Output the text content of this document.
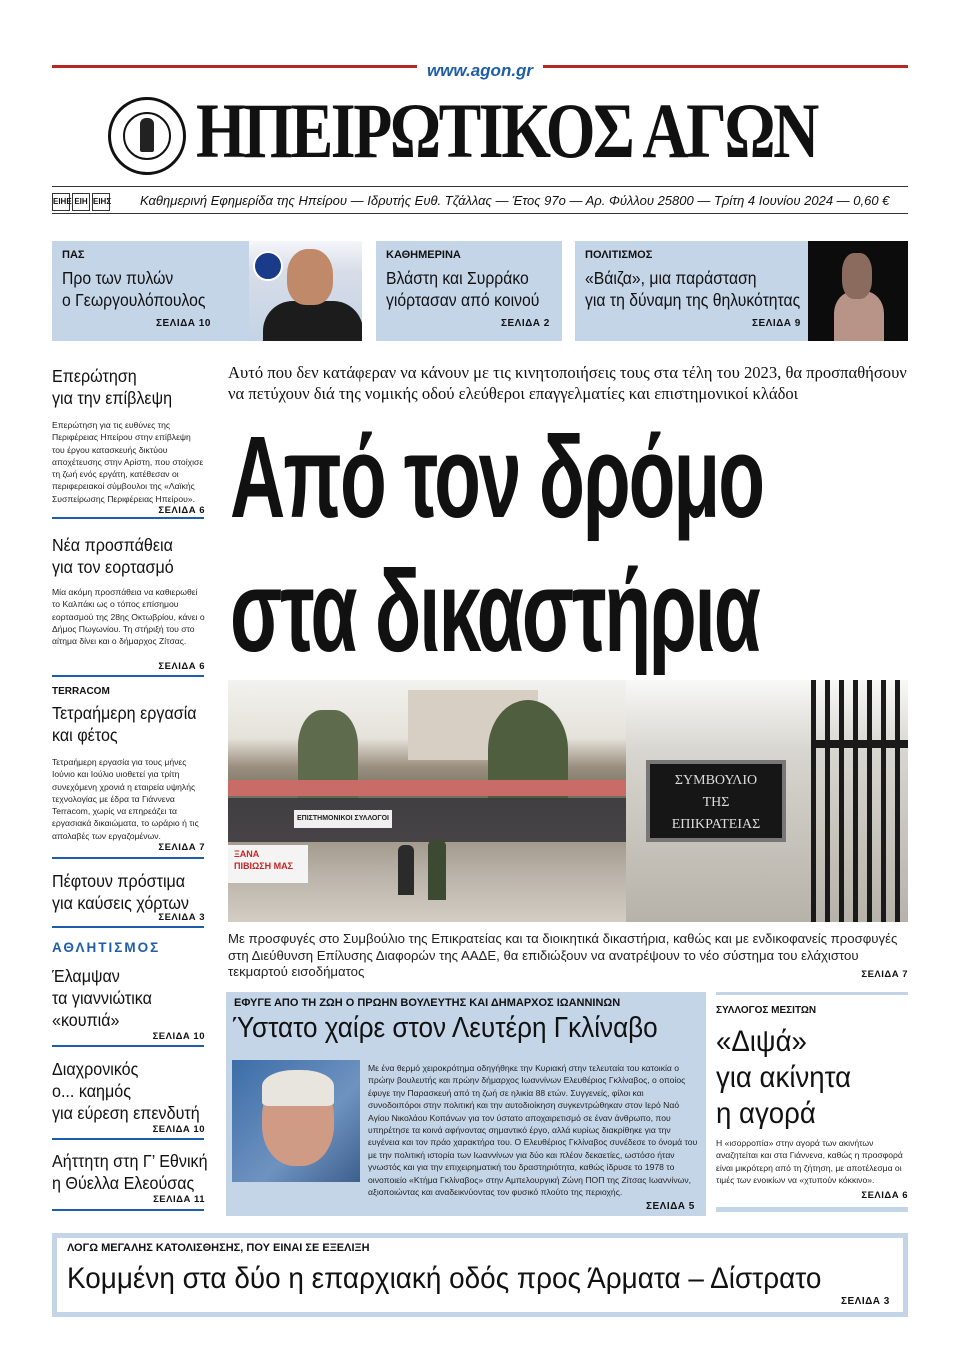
www.agon.gr
ΗΠΕΙΡΩΤΙΚΟΣ ΑΓΩΝ
ΕΙΗΕ ΕΙΗ ΕΙΗΣ Καθημερινή Εφημερίδα της Ηπείρου — Ιδρυτής Ευθ. Τζάλλας — Έτος 97ο — Αρ. Φύλλου 25800 — Τρίτη 4 Ιουνίου 2024 — 0,60 €
ΠΑΣ
Προ των πυλών
ο Γεωργουλόπουλος
ΣΕΛΙΔΑ 10
ΚΑΘΗΜΕΡΙΝΑ
Βλάστη και Συρράκο
γιόρτασαν από κοινού
ΣΕΛΙΔΑ 2
ΠΟΛΙΤΙΣΜΟΣ
«Βάιζα», μια παράσταση
για τη δύναμη της θηλυκότητας
ΣΕΛΙΔΑ 9
Επερώτηση
για την επίβλεψη
Επερώτηση για τις ευθύνες της Περιφέρειας Ηπείρου στην επίβλεψη του έργου κατασκευής δικτύου αποχέτευσης στην Αρίστη, που στοίχισε τη ζωή ενός εργάτη, κατέθεσαν οι περιφερειακοί σύμβουλοι της «Λαϊκής Συσπείρωσης Περιφέρειας Ηπείρου».
ΣΕΛΙΔΑ 6
Νέα προσπάθεια
για τον εορτασμό
Μία ακόμη προσπάθεια να καθιερωθεί το Καλπάκι ως ο τόπος επίσημου εορτασμού της 28ης Οκτωβρίου, κάνει ο Δήμος Πωγωνίου. Τη στήριξή του στο αίτημα δίνει και ο δήμαρχος Ζίτσας.
ΣΕΛΙΔΑ 6
TERRACOM
Τετραήμερη εργασία
και φέτος
Τετραήμερη εργασία για τους μήνες Ιούνιο και Ιούλιο υιοθετεί για τρίτη συνεχόμενη χρονιά η εταιρεία υψηλής τεχνολογίας με έδρα τα Γιάννενα Terracom, χωρίς να επηρεάζει τα εργασιακά δικαιώματα, το ωράριο ή τις απολαβές των εργαζομένων.
ΣΕΛΙΔΑ 7
Πέφτουν πρόστιμα
για καύσεις χόρτων
ΣΕΛΙΔΑ 3
ΑΘΛΗΤΙΣΜΟΣ
Έλαμψαν
τα γιαννιώτικα
«κουπιά»
ΣΕΛΙΔΑ 10
Διαχρονικός
ο... καημός
για εύρεση επενδυτή
ΣΕΛΙΔΑ 10
Αήττητη στη Γ’ Εθνική
η Θύελλα Ελεούσας
ΣΕΛΙΔΑ 11
Αυτό που δεν κατάφεραν να κάνουν με τις κινητοποιήσεις τους στα τέλη του 2023, θα προσπαθήσουν
να πετύχουν διά της νομικής οδού ελεύθεροι επαγγελματίες και επιστημονικοί κλάδοι
Από τον δρόμο
στα δικαστήρια
ΕΠΙΣΤΗΜΟΝΙΚΟΙ ΣΥΛΛΟΓΟΙ
ΞΑΝΑ
ΠΙΒΙΩΣΗ ΜΑΣ
ΣΥΜΒΟΥΛΙΟ
ΤΗΣ
ΕΠΙΚΡΑΤΕΙΑΣ
Με προσφυγές στο Συμβούλιο της Επικρατείας και τα διοικητικά δικαστήρια, καθώς και με ενδικοφανείς προσφυγές στη Διεύθυνση Επίλυσης Διαφορών της ΑΑΔΕ, θα επιδιώξουν να ανατρέψουν το νέο σύστημα του ελάχιστου τεκμαρτού εισοδήματος	ΣΕΛΙΔΑ 7
ΕΦΥΓΕ ΑΠΟ ΤΗ ΖΩΗ Ο ΠΡΩΗΝ ΒΟΥΛΕΥΤΗΣ ΚΑΙ ΔΗΜΑΡΧΟΣ ΙΩΑΝΝΙΝΩΝ
Ύστατο χαίρε στον Λευτέρη Γκλίναβο
Με ένα θερμό χειροκρότημα οδηγήθηκε την Κυριακή στην τελευταία του κατοικία ο πρώην βουλευτής και πρώην δήμαρχος Ιωαννίνων Ελευθέριος Γκλίναβος, ο οποίος έφυγε την Παρασκευή από τη ζωή σε ηλικία 88 ετών. Συγγενείς, φίλοι και συνοδοιπόροι στην πολιτική και την αυτοδιοίκηση συγκεντρώθηκαν στον Ιερό Ναό Αγίου Νικολάου Κοπάνων για τον ύστατο αποχαιρετισμό σε έναν άνθρωπο, που υπηρέτησε τα κοινά αφήνοντας σημαντικό έργο, αλλά κυρίως διακρίθηκε για την ευγένεια και τον πράο χαρακτήρα του. Ο Ελευθέριος Γκλίναβος συνέδεσε το όνομά του με την πολιτική ιστορία των Ιωαννίνων για δύο και πλέον δεκαετίες, ωστόσο ήταν γνωστός και για την επιχειρηματική του δραστηριότητα, καθώς ίδρυσε το 1978 το οινοποιείο «Κτήμα Γκλίναβος» στην Αμπελουργική Ζώνη ΠΟΠ της Ζίτσας Ιωαννίνων, αξιοποιώντας και αναδεικνύοντας τον φυσικό πλούτο της περιοχής.
ΣΕΛΙΔΑ 5
ΣΥΛΛΟΓΟΣ ΜΕΣΙΤΩΝ
«Διψά»
για ακίνητα
η αγορά
Η «ισορροπία» στην αγορά των ακινήτων αναζητείται και στα Γιάννενα, καθώς η προσφορά είναι μικρότερη από τη ζήτηση, με αποτέλεσμα οι τιμές των ενοικίων να «χτυπούν κόκκινο».
ΣΕΛΙΔΑ 6
ΛΟΓΩ ΜΕΓΑΛΗΣ ΚΑΤΟΛΙΣΘΗΣΗΣ, ΠΟΥ ΕΙΝΑΙ ΣΕ ΕΞΕΛΙΞΗ
Κομμένη στα δύο η επαρχιακή οδός προς Άρματα – Δίστρατο
ΣΕΛΙΔΑ 3
